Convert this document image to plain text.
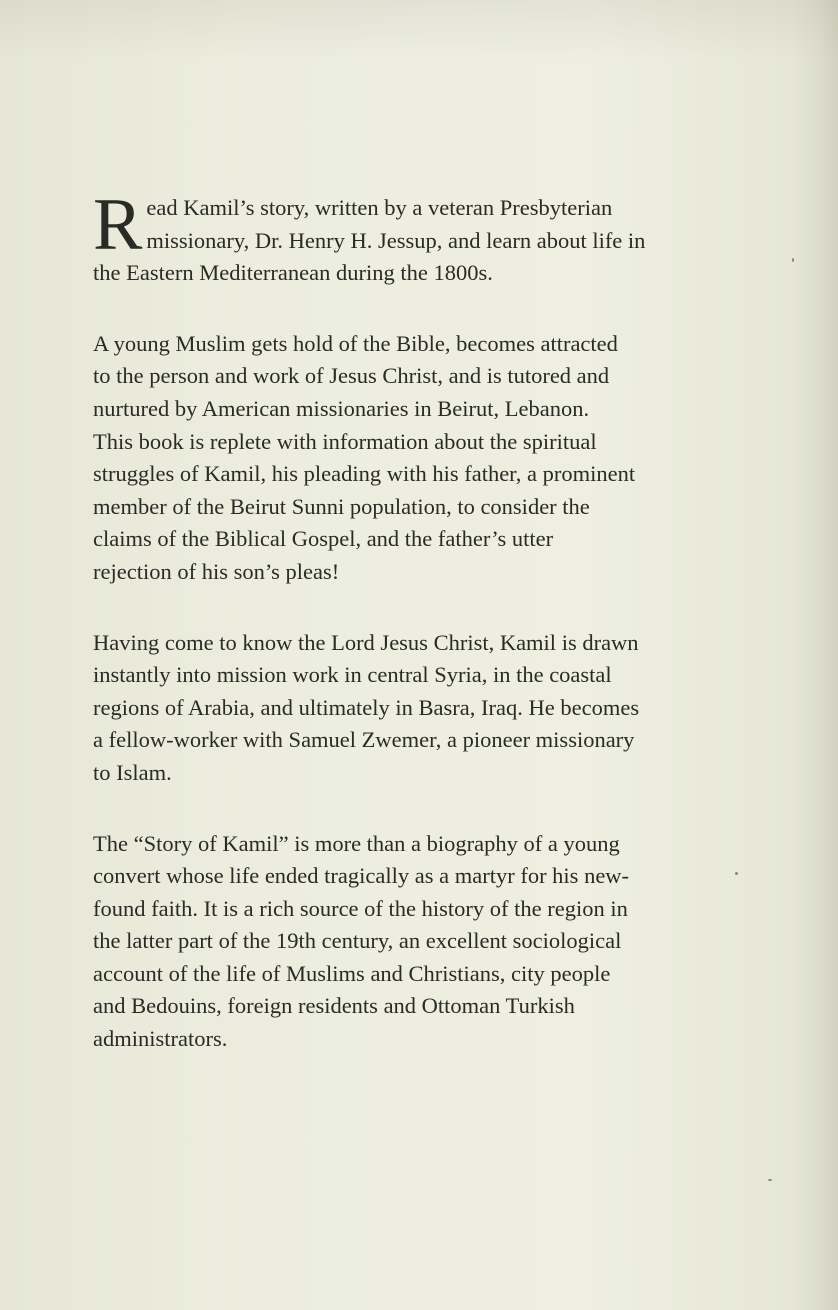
R ead Kamil’s story, written by a veteran Presbyterian
missionary, Dr. Henry H. Jessup, and learn about life in
the Eastern Mediterranean during the 1800s.
A young Muslim gets hold of the Bible, becomes attracted
to the person and work of Jesus Christ, and is tutored and
nurtured by American missionaries in Beirut, Lebanon.
This book is replete with information about the spiritual
struggles of Kamil, his pleading with his father, a prominent
member of the Beirut Sunni population, to consider the
claims of the Biblical Gospel, and the father’s utter
rejection of his son’s pleas!
Having come to know the Lord Jesus Christ, Kamil is drawn
instantly into mission work in central Syria, in the coastal
regions of Arabia, and ultimately in Basra, Iraq. He becomes
a fellow-worker with Samuel Zwemer, a pioneer missionary
to Islam.
The “Story of Kamil” is more than a biography of a young
convert whose life ended tragically as a martyr for his new-
found faith. It is a rich source of the history of the region in
the latter part of the 19th century, an excellent sociological
account of the life of Muslims and Christians, city people
and Bedouins, foreign residents and Ottoman Turkish
administrators.
